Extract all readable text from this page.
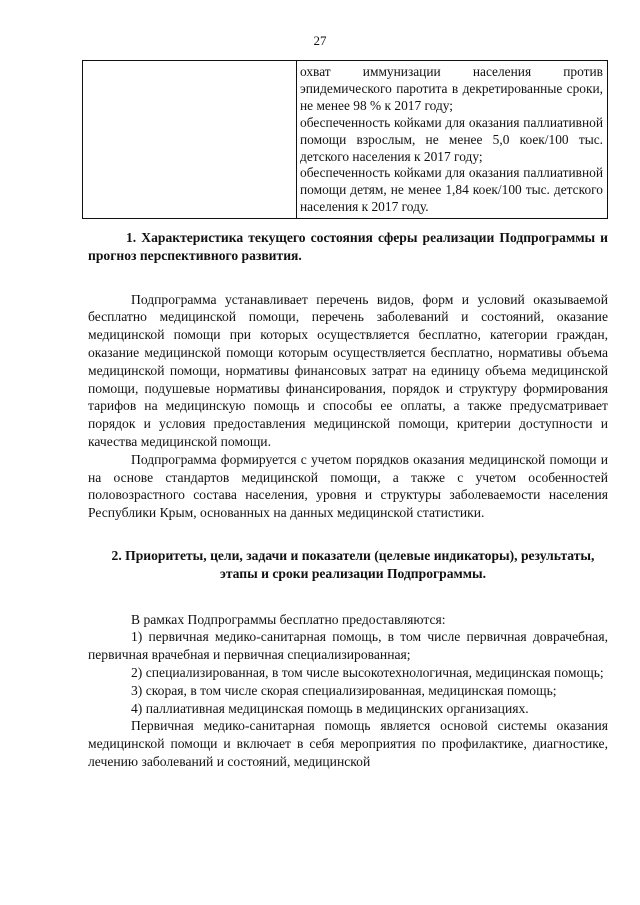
27

охват иммунизации населения против эпидемического паротита в декретированные сроки, не менее 98 % к 2017 году;

обеспеченность койками для оказания паллиативной помощи взрослым, не менее 5,0 коек/100 тыс. детского населения к 2017 году;

обеспеченность койками для оказания паллиативной помощи детям, не менее 1,84 коек/100 тыс. детского населения к 2017 году.

1. Характеристика текущего состояния сферы реализации Подпрограммы и прогноз перспективного развития.

Подпрограмма устанавливает перечень видов, форм и условий оказываемой бесплатно медицинской помощи, перечень заболеваний и состояний, оказание медицинской помощи при которых осуществляется бесплатно, категории граждан, оказание медицинской помощи которым осуществляется бесплатно, нормативы объема медицинской помощи, нормативы финансовых затрат на единицу объема медицинской помощи, подушевые нормативы финансирования, порядок и структуру формирования тарифов на медицинскую помощь и способы ее оплаты, а также предусматривает порядок и условия предоставления медицинской помощи, критерии доступности и качества медицинской помощи.

Подпрограмма формируется с учетом порядков оказания медицинской помощи и на основе стандартов медицинской помощи, а также с учетом особенностей половозрастного состава населения, уровня и структуры заболеваемости населения Республики Крым, основанных на данных медицинской статистики.

2. Приоритеты, цели, задачи и показатели (целевые индикаторы), результаты, этапы и сроки реализации Подпрограммы.

В рамках Подпрограммы бесплатно предоставляются:

1) первичная медико-санитарная помощь, в том числе первичная доврачебная, первичная врачебная и первичная специализированная;

2) специализированная, в том числе высокотехнологичная, медицинская помощь;

3) скорая, в том числе скорая специализированная, медицинская помощь;

4) паллиативная медицинская помощь в медицинских организациях.

Первичная медико-санитарная помощь является основой системы оказания медицинской помощи и включает в себя мероприятия по профилактике, диагностике, лечению заболеваний и состояний, медицинской
